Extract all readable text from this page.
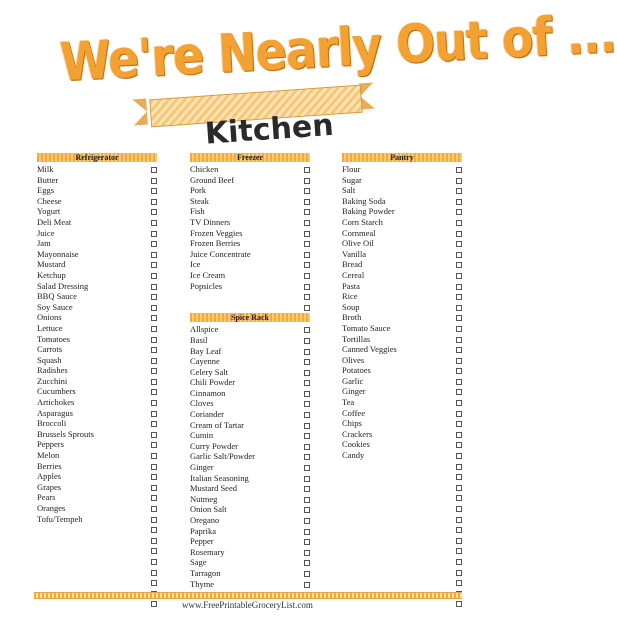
We're Nearly Out of ...
Kitchen
Refrigerator
Milk
Butter
Eggs
Cheese
Yogurt
Deli Meat
Juice
Jam
Mayonnaise
Mustard
Ketchup
Salad Dressing
BBQ Sauce
Soy Sauce
Onions
Lettuce
Tomatoes
Carrots
Squash
Radishes
Zucchini
Cucumbers
Artichokes
Asparagus
Broccoli
Brussels Sprouts
Peppers
Melon
Berries
Apples
Grapes
Pears
Oranges
Tofu/Tempeh
Freezer
Chicken
Ground Beef
Pork
Steak
Fish
TV Dinners
Frozen Veggies
Frozen Berries
Juice Concentrate
Ice
Ice Cream
Popsicles
Spice Rack
Allspice
Basil
Bay Leaf
Cayenne
Celery Salt
Chili Powder
Cinnamon
Cloves
Coriander
Cream of Tartar
Cumin
Curry Powder
Garlic Salt/Powder
Ginger
Italian Seasoning
Mustard Seed
Nutmeg
Onion Salt
Oregano
Paprika
Pepper
Rosemary
Sage
Tarragon
Thyme
Pantry
Flour
Sugar
Salt
Baking Soda
Baking Powder
Corn Starch
Cornmeal
Olive Oil
Vanilla
Bread
Cereal
Pasta
Rice
Soup
Broth
Tomato Sauce
Tortillas
Canned Veggies
Olives
Potatoes
Garlic
Ginger
Tea
Coffee
Chips
Crackers
Cookies
Candy
www.FreePrintableGroceryList.com
